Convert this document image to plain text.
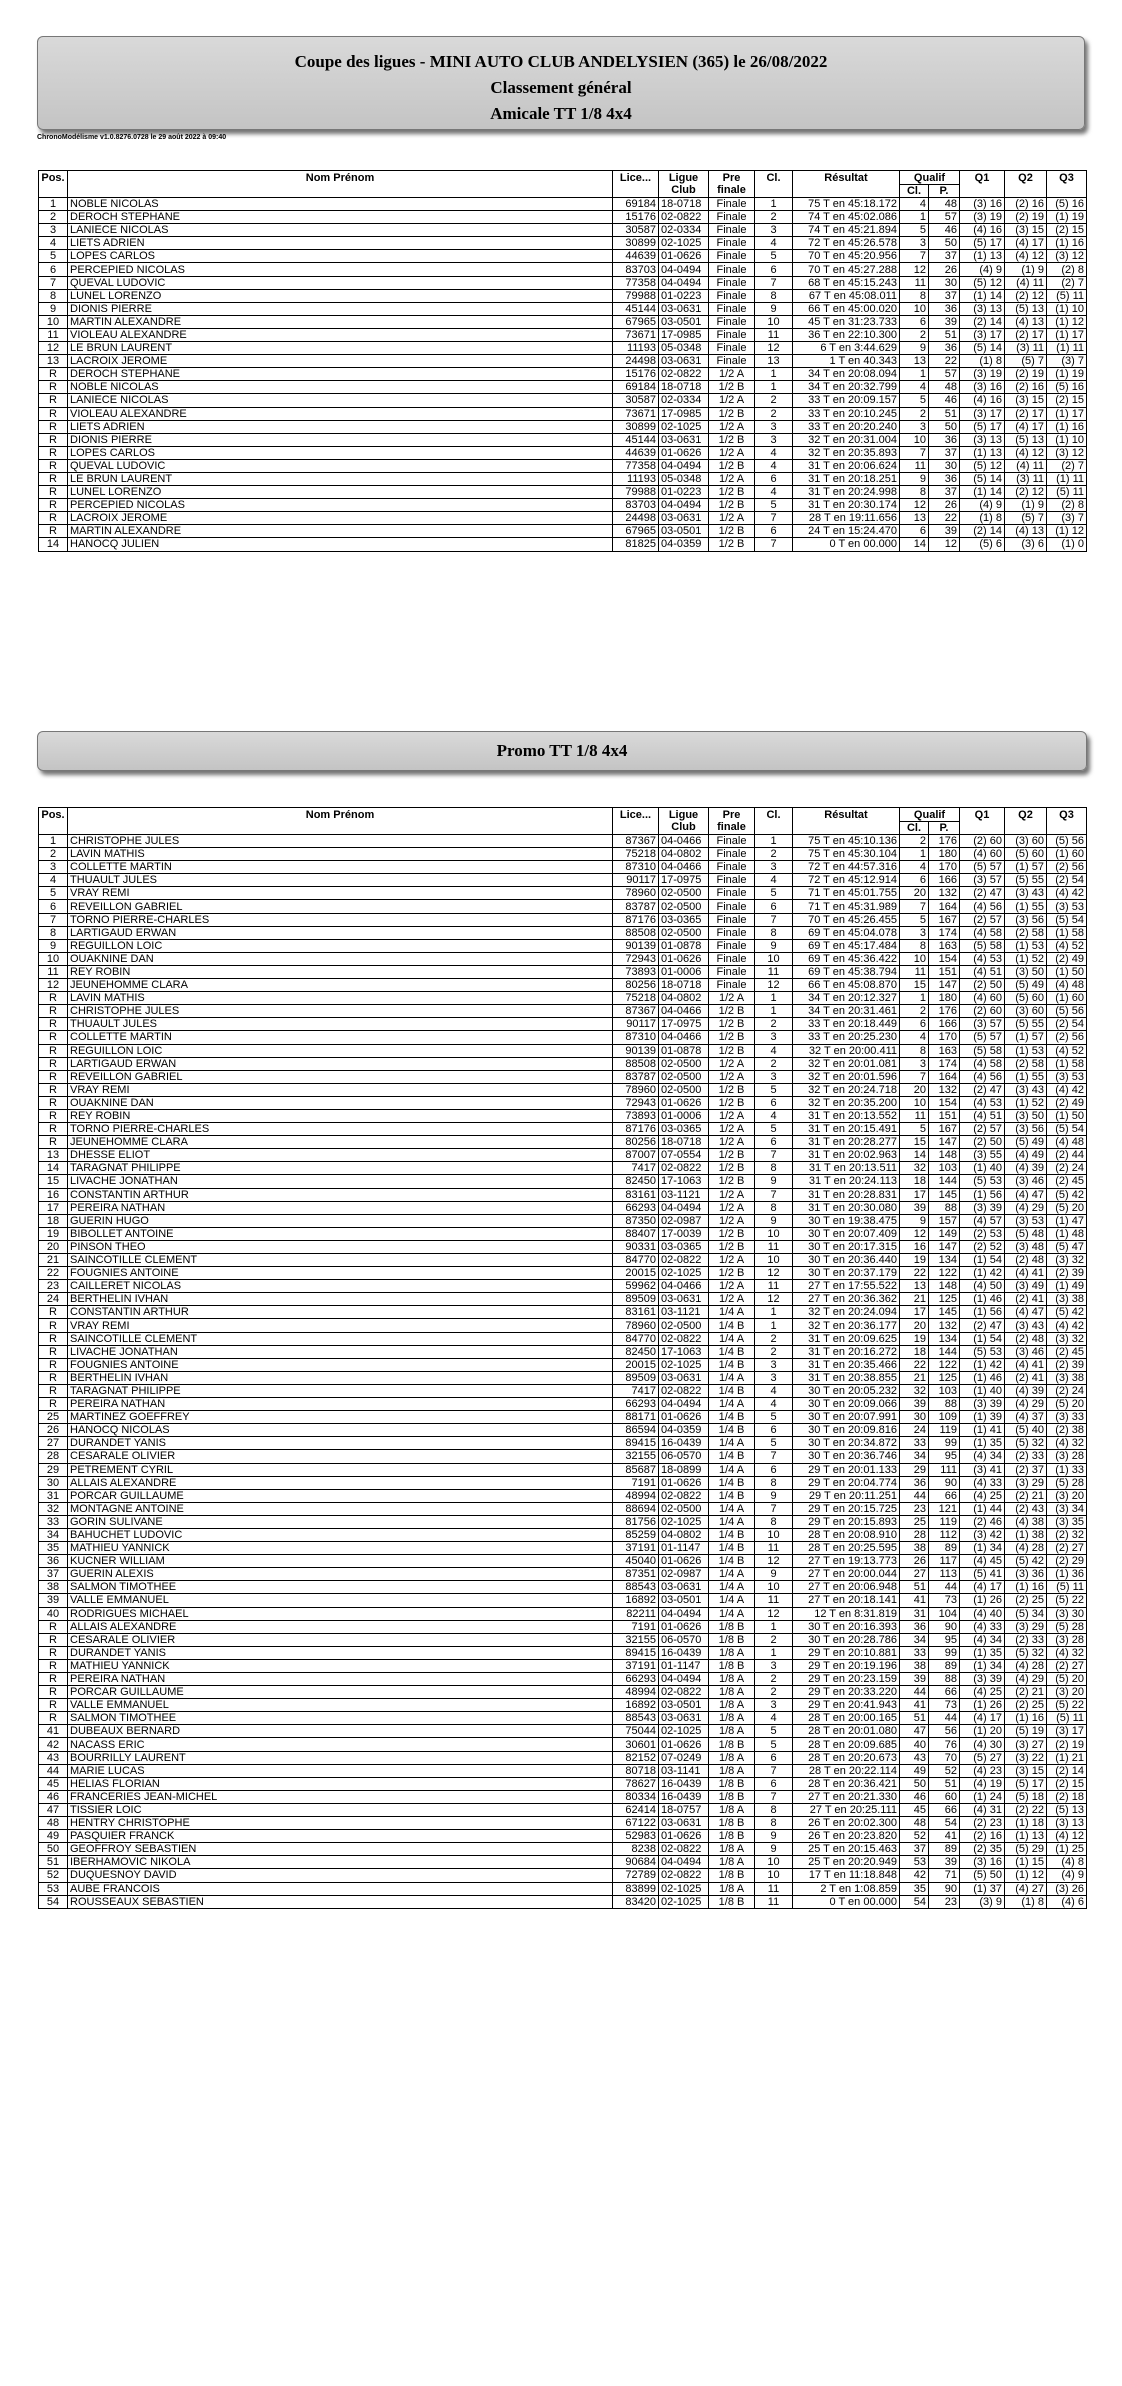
Coupe des ligues - MINI AUTO CLUB ANDELYSIEN (365) le 26/08/2022
Classement général
Amicale TT 1/8 4x4
ChronoModélisme v1.0.8276.0728 le 29 août 2022 à 09:40
Pos.	Nom Prénom	Lice...	Ligue Club	Pre finale	Cl.	Résultat	Qualif		Q1	Q2	Q3
							Cl.	P.			
1	NOBLE NICOLAS	69184	18-0718	Finale	1	75 T en 45:18.172	4	48	(3) 16	(2) 16	(5) 16
2	DEROCH STEPHANE	15176	02-0822	Finale	2	74 T en 45:02.086	1	57	(3) 19	(2) 19	(1) 19
3	LANIECE NICOLAS	30587	02-0334	Finale	3	74 T en 45:21.894	5	46	(4) 16	(3) 15	(2) 15
4	LIETS ADRIEN	30899	02-1025	Finale	4	72 T en 45:26.578	3	50	(5) 17	(4) 17	(1) 16
5	LOPES CARLOS	44639	01-0626	Finale	5	70 T en 45:20.956	7	37	(1) 13	(4) 12	(3) 12
6	PERCEPIED NICOLAS	83703	04-0494	Finale	6	70 T en 45:27.288	12	26	(4) 9	(1) 9	(2) 8
7	QUEVAL LUDOVIC	77358	04-0494	Finale	7	68 T en 45:15.243	11	30	(5) 12	(4) 11	(2) 7
8	LUNEL LORENZO	79988	01-0223	Finale	8	67 T en 45:08.011	8	37	(1) 14	(2) 12	(5) 11
9	DIONIS PIERRE	45144	03-0631	Finale	9	66 T en 45:00.020	10	36	(3) 13	(5) 13	(1) 10
10	MARTIN ALEXANDRE	67965	03-0501	Finale	10	45 T en 31:23.733	6	39	(2) 14	(4) 13	(1) 12
11	VIOLEAU ALEXANDRE	73671	17-0985	Finale	11	36 T en 22:10.300	2	51	(3) 17	(2) 17	(1) 17
12	LE BRUN LAURENT	11193	05-0348	Finale	12	6 T en 3:44.629	9	36	(5) 14	(3) 11	(1) 11
13	LACROIX JEROME	24498	03-0631	Finale	13	1 T en 40.343	13	22	(1) 8	(5) 7	(3) 7
R	DEROCH STEPHANE	15176	02-0822	1/2 A	1	34 T en 20:08.094	1	57	(3) 19	(2) 19	(1) 19
R	NOBLE NICOLAS	69184	18-0718	1/2 B	1	34 T en 20:32.799	4	48	(3) 16	(2) 16	(5) 16
R	LANIECE NICOLAS	30587	02-0334	1/2 A	2	33 T en 20:09.157	5	46	(4) 16	(3) 15	(2) 15
R	VIOLEAU ALEXANDRE	73671	17-0985	1/2 B	2	33 T en 20:10.245	2	51	(3) 17	(2) 17	(1) 17
R	LIETS ADRIEN	30899	02-1025	1/2 A	3	33 T en 20:20.240	3	50	(5) 17	(4) 17	(1) 16
R	DIONIS PIERRE	45144	03-0631	1/2 B	3	32 T en 20:31.004	10	36	(3) 13	(5) 13	(1) 10
R	LOPES CARLOS	44639	01-0626	1/2 A	4	32 T en 20:35.893	7	37	(1) 13	(4) 12	(3) 12
R	QUEVAL LUDOVIC	77358	04-0494	1/2 B	4	31 T en 20:06.624	11	30	(5) 12	(4) 11	(2) 7
R	LE BRUN LAURENT	11193	05-0348	1/2 A	6	31 T en 20:18.251	9	36	(5) 14	(3) 11	(1) 11
R	LUNEL LORENZO	79988	01-0223	1/2 B	4	31 T en 20:24.998	8	37	(1) 14	(2) 12	(5) 11
R	PERCEPIED NICOLAS	83703	04-0494	1/2 B	5	31 T en 20:30.174	12	26	(4) 9	(1) 9	(2) 8
R	LACROIX JEROME	24498	03-0631	1/2 A	7	28 T en 19:11.656	13	22	(1) 8	(5) 7	(3) 7
R	MARTIN ALEXANDRE	67965	03-0501	1/2 B	6	24 T en 15:24.470	6	39	(2) 14	(4) 13	(1) 12
14	HANOCQ JULIEN	81825	04-0359	1/2 B	7	0 T en 00.000	14	12	(5) 6	(3) 6	(1) 0
Promo TT 1/8 4x4
Pos.	Nom Prénom	Lice...	Ligue Club	Pre finale	Cl.	Résultat	Qualif		Q1	Q2	Q3
							Cl.	P.			
1	CHRISTOPHE JULES	87367	04-0466	Finale	1	75 T en 45:10.136	2	176	(2) 60	(3) 60	(5) 56
2	LAVIN MATHIS	75218	04-0802	Finale	2	75 T en 45:30.104	1	180	(4) 60	(5) 60	(1) 60
3	COLLETTE MARTIN	87310	04-0466	Finale	3	72 T en 44:57.316	4	170	(5) 57	(1) 57	(2) 56
4	THUAULT JULES	90117	17-0975	Finale	4	72 T en 45:12.914	6	166	(3) 57	(5) 55	(2) 54
5	VRAY REMI	78960	02-0500	Finale	5	71 T en 45:01.755	20	132	(2) 47	(3) 43	(4) 42
6	REVEILLON GABRIEL	83787	02-0500	Finale	6	71 T en 45:31.989	7	164	(4) 56	(1) 55	(3) 53
7	TORNO PIERRE-CHARLES	87176	03-0365	Finale	7	70 T en 45:26.455	5	167	(2) 57	(3) 56	(5) 54
8	LARTIGAUD ERWAN	88508	02-0500	Finale	8	69 T en 45:04.078	3	174	(4) 58	(2) 58	(1) 58
9	REGUILLON LOIC	90139	01-0878	Finale	9	69 T en 45:17.484	8	163	(5) 58	(1) 53	(4) 52
10	OUAKNINE DAN	72943	01-0626	Finale	10	69 T en 45:36.422	10	154	(4) 53	(1) 52	(2) 49
11	REY ROBIN	73893	01-0006	Finale	11	69 T en 45:38.794	11	151	(4) 51	(3) 50	(1) 50
12	JEUNEHOMME CLARA	80256	18-0718	Finale	12	66 T en 45:08.870	15	147	(2) 50	(5) 49	(4) 48
R	LAVIN MATHIS	75218	04-0802	1/2 A	1	34 T en 20:12.327	1	180	(4) 60	(5) 60	(1) 60
R	CHRISTOPHE JULES	87367	04-0466	1/2 B	1	34 T en 20:31.461	2	176	(2) 60	(3) 60	(5) 56
R	THUAULT JULES	90117	17-0975	1/2 B	2	33 T en 20:18.449	6	166	(3) 57	(5) 55	(2) 54
R	COLLETTE MARTIN	87310	04-0466	1/2 B	3	33 T en 20:25.230	4	170	(5) 57	(1) 57	(2) 56
R	REGUILLON LOIC	90139	01-0878	1/2 B	4	32 T en 20:00.411	8	163	(5) 58	(1) 53	(4) 52
R	LARTIGAUD ERWAN	88508	02-0500	1/2 A	2	32 T en 20:01.081	3	174	(4) 58	(2) 58	(1) 58
R	REVEILLON GABRIEL	83787	02-0500	1/2 A	3	32 T en 20:01.596	7	164	(4) 56	(1) 55	(3) 53
R	VRAY REMI	78960	02-0500	1/2 B	5	32 T en 20:24.718	20	132	(2) 47	(3) 43	(4) 42
R	OUAKNINE DAN	72943	01-0626	1/2 B	6	32 T en 20:35.200	10	154	(4) 53	(1) 52	(2) 49
R	REY ROBIN	73893	01-0006	1/2 A	4	31 T en 20:13.552	11	151	(4) 51	(3) 50	(1) 50
R	TORNO PIERRE-CHARLES	87176	03-0365	1/2 A	5	31 T en 20:15.491	5	167	(2) 57	(3) 56	(5) 54
R	JEUNEHOMME CLARA	80256	18-0718	1/2 A	6	31 T en 20:28.277	15	147	(2) 50	(5) 49	(4) 48
13	DHESSE ELIOT	87007	07-0554	1/2 B	7	31 T en 20:02.963	14	148	(3) 55	(4) 49	(2) 44
14	TARAGNAT PHILIPPE	7417	02-0822	1/2 B	8	31 T en 20:13.511	32	103	(1) 40	(4) 39	(2) 24
15	LIVACHE JONATHAN	82450	17-1063	1/2 B	9	31 T en 20:24.113	18	144	(5) 53	(3) 46	(2) 45
16	CONSTANTIN ARTHUR	83161	03-1121	1/2 A	7	31 T en 20:28.831	17	145	(1) 56	(4) 47	(5) 42
17	PEREIRA NATHAN	66293	04-0494	1/2 A	8	31 T en 20:30.080	39	88	(3) 39	(4) 29	(5) 20
18	GUERIN HUGO	87350	02-0987	1/2 A	9	30 T en 19:38.475	9	157	(4) 57	(3) 53	(1) 47
19	BIBOLLET ANTOINE	88407	17-0039	1/2 B	10	30 T en 20:07.409	12	149	(2) 53	(5) 48	(1) 48
20	PINSON THEO	90331	03-0365	1/2 B	11	30 T en 20:17.315	16	147	(2) 52	(3) 48	(5) 47
21	SAINCOTILLE CLEMENT	84770	02-0822	1/2 A	10	30 T en 20:36.440	19	134	(1) 54	(2) 48	(3) 32
22	FOUGNIES ANTOINE	20015	02-1025	1/2 B	12	30 T en 20:37.179	22	122	(1) 42	(4) 41	(2) 39
23	CAILLERET NICOLAS	59962	04-0466	1/2 A	11	27 T en 17:55.522	13	148	(4) 50	(3) 49	(1) 49
24	BERTHELIN IVHAN	89509	03-0631	1/2 A	12	27 T en 20:36.362	21	125	(1) 46	(2) 41	(3) 38
R	CONSTANTIN ARTHUR	83161	03-1121	1/4 A	1	32 T en 20:24.094	17	145	(1) 56	(4) 47	(5) 42
R	VRAY REMI	78960	02-0500	1/4 B	1	32 T en 20:36.177	20	132	(2) 47	(3) 43	(4) 42
R	SAINCOTILLE CLEMENT	84770	02-0822	1/4 A	2	31 T en 20:09.625	19	134	(1) 54	(2) 48	(3) 32
R	LIVACHE JONATHAN	82450	17-1063	1/4 B	2	31 T en 20:16.272	18	144	(5) 53	(3) 46	(2) 45
R	FOUGNIES ANTOINE	20015	02-1025	1/4 B	3	31 T en 20:35.466	22	122	(1) 42	(4) 41	(2) 39
R	BERTHELIN IVHAN	89509	03-0631	1/4 A	3	31 T en 20:38.855	21	125	(1) 46	(2) 41	(3) 38
R	TARAGNAT PHILIPPE	7417	02-0822	1/4 B	4	30 T en 20:05.232	32	103	(1) 40	(4) 39	(2) 24
R	PEREIRA NATHAN	66293	04-0494	1/4 A	4	30 T en 20:09.066	39	88	(3) 39	(4) 29	(5) 20
25	MARTINEZ GOEFFREY	88171	01-0626	1/4 B	5	30 T en 20:07.991	30	109	(1) 39	(4) 37	(3) 33
26	HANOCQ NICOLAS	86594	04-0359	1/4 B	6	30 T en 20:09.816	24	119	(1) 41	(5) 40	(2) 38
27	DURANDET YANIS	89415	16-0439	1/4 A	5	30 T en 20:34.872	33	99	(1) 35	(5) 32	(4) 32
28	CESARALE OLIVIER	32155	06-0570	1/4 B	7	30 T en 20:36.746	34	95	(4) 34	(2) 33	(3) 28
29	PETREMENT CYRIL	85687	18-0899	1/4 A	6	29 T en 20:01.133	29	111	(3) 41	(2) 37	(1) 33
30	ALLAIS ALEXANDRE	7191	01-0626	1/4 B	8	29 T en 20:04.774	36	90	(4) 33	(3) 29	(5) 28
31	PORCAR GUILLAUME	48994	02-0822	1/4 B	9	29 T en 20:11.251	44	66	(4) 25	(2) 21	(3) 20
32	MONTAGNE ANTOINE	88694	02-0500	1/4 A	7	29 T en 20:15.725	23	121	(1) 44	(2) 43	(3) 34
33	GORIN SULIVANE	81756	02-1025	1/4 A	8	29 T en 20:15.893	25	119	(2) 46	(4) 38	(3) 35
34	BAHUCHET LUDOVIC	85259	04-0802	1/4 B	10	28 T en 20:08.910	28	112	(3) 42	(1) 38	(2) 32
35	MATHIEU YANNICK	37191	01-1147	1/4 B	11	28 T en 20:25.595	38	89	(1) 34	(4) 28	(2) 27
36	KUCNER WILLIAM	45040	01-0626	1/4 B	12	27 T en 19:13.773	26	117	(4) 45	(5) 42	(2) 29
37	GUERIN ALEXIS	87351	02-0987	1/4 A	9	27 T en 20:00.044	27	113	(5) 41	(3) 36	(1) 36
38	SALMON TIMOTHEE	88543	03-0631	1/4 A	10	27 T en 20:06.948	51	44	(4) 17	(1) 16	(5) 11
39	VALLE EMMANUEL	16892	03-0501	1/4 A	11	27 T en 20:18.141	41	73	(1) 26	(2) 25	(5) 22
40	RODRIGUES MICHAEL	82211	04-0494	1/4 A	12	12 T en 8:31.819	31	104	(4) 40	(5) 34	(3) 30
R	ALLAIS ALEXANDRE	7191	01-0626	1/8 B	1	30 T en 20:16.393	36	90	(4) 33	(3) 29	(5) 28
R	CESARALE OLIVIER	32155	06-0570	1/8 B	2	30 T en 20:28.786	34	95	(4) 34	(2) 33	(3) 28
R	DURANDET YANIS	89415	16-0439	1/8 A	1	29 T en 20:10.881	33	99	(1) 35	(5) 32	(4) 32
R	MATHIEU YANNICK	37191	01-1147	1/8 B	3	29 T en 20:19.196	38	89	(1) 34	(4) 28	(2) 27
R	PEREIRA NATHAN	66293	04-0494	1/8 A	2	29 T en 20:23.159	39	88	(3) 39	(4) 29	(5) 20
R	PORCAR GUILLAUME	48994	02-0822	1/8 A	2	29 T en 20:33.220	44	66	(4) 25	(2) 21	(3) 20
R	VALLE EMMANUEL	16892	03-0501	1/8 A	3	29 T en 20:41.943	41	73	(1) 26	(2) 25	(5) 22
R	SALMON TIMOTHEE	88543	03-0631	1/8 A	4	28 T en 20:00.165	51	44	(4) 17	(1) 16	(5) 11
41	DUBEAUX BERNARD	75044	02-1025	1/8 A	5	28 T en 20:01.080	47	56	(1) 20	(5) 19	(3) 17
42	NACASS ERIC	30601	01-0626	1/8 B	5	28 T en 20:09.685	40	76	(4) 30	(3) 27	(2) 19
43	BOURRILLY LAURENT	82152	07-0249	1/8 A	6	28 T en 20:20.673	43	70	(5) 27	(3) 22	(1) 21
44	MARIE LUCAS	80718	03-1141	1/8 A	7	28 T en 20:22.114	49	52	(4) 23	(3) 15	(2) 14
45	HELIAS FLORIAN	78627	16-0439	1/8 B	6	28 T en 20:36.421	50	51	(4) 19	(5) 17	(2) 15
46	FRANCERIES JEAN-MICHEL	80334	16-0439	1/8 B	7	27 T en 20:21.330	46	60	(1) 24	(5) 18	(2) 18
47	TISSIER LOIC	62414	18-0757	1/8 A	8	27 T en 20:25.111	45	66	(4) 31	(2) 22	(5) 13
48	HENTRY CHRISTOPHE	67122	03-0631	1/8 B	8	26 T en 20:02.300	48	54	(2) 23	(1) 18	(3) 13
49	PASQUIER FRANCK	52983	01-0626	1/8 B	9	26 T en 20:23.820	52	41	(2) 16	(1) 13	(4) 12
50	GEOFFROY SEBASTIEN	8238	02-0822	1/8 A	9	25 T en 20:15.463	37	89	(2) 35	(5) 29	(1) 25
51	IBERHAMOVIC NIKOLA	90684	04-0494	1/8 A	10	25 T en 20:20.949	53	39	(3) 16	(1) 15	(4) 8
52	DUQUESNOY DAVID	72789	02-0822	1/8 B	10	17 T en 11:18.848	42	71	(5) 50	(1) 12	(4) 9
53	AUBE FRANCOIS	83899	02-1025	1/8 A	11	2 T en 1:08.859	35	90	(1) 37	(4) 27	(3) 26
54	ROUSSEAUX SEBASTIEN	83420	02-1025	1/8 B	11	0 T en 00.000	54	23	(3) 9	(1) 8	(4) 6
